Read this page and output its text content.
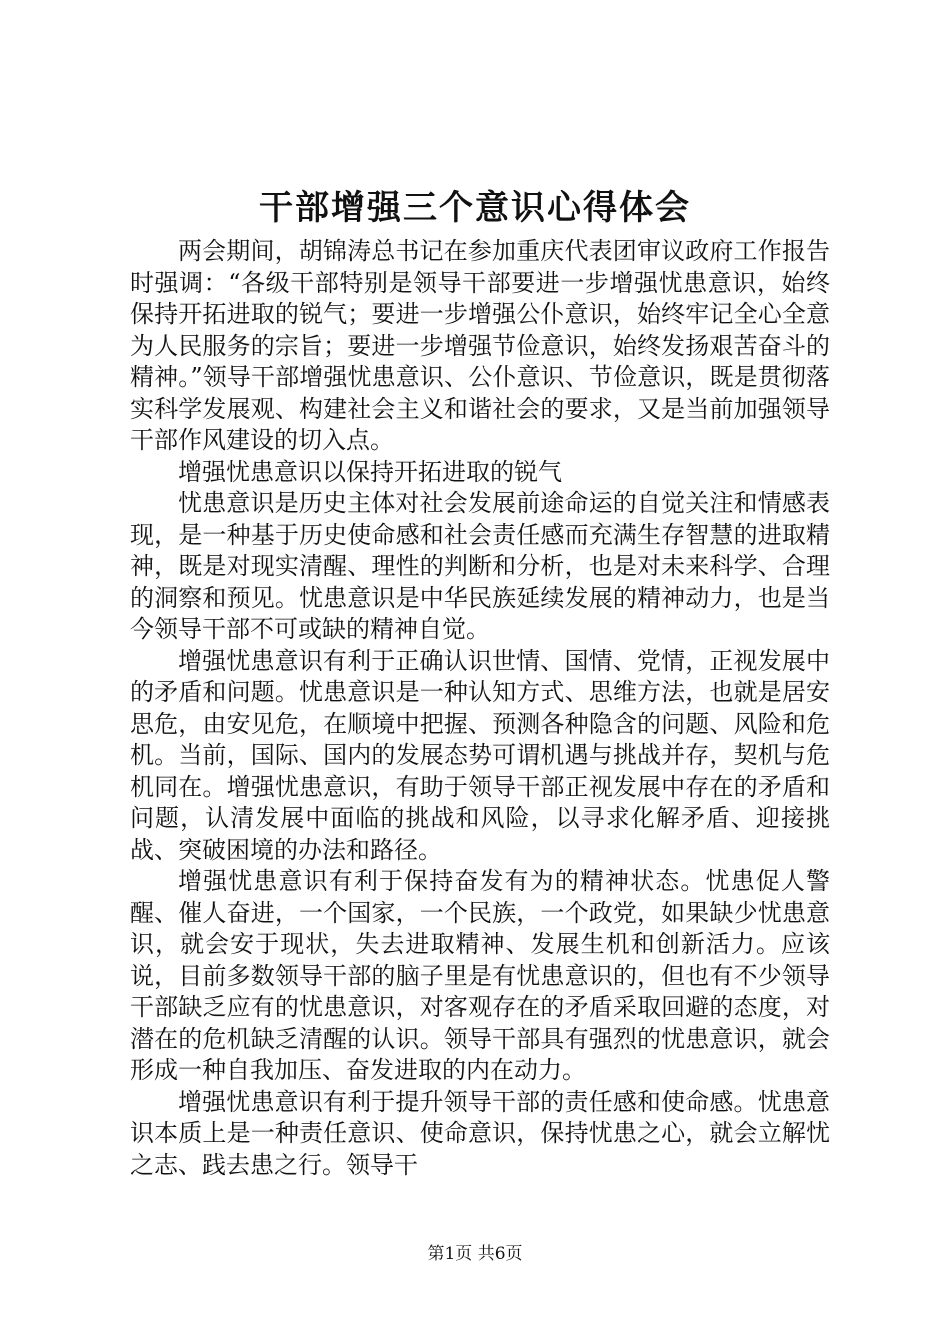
干部增强三个意识心得体会

两会期间，胡锦涛总书记在参加重庆代表团审议政府工作报告时强调：“各级干部特别是领导干部要进一步增强忧患意识，始终保持开拓进取的锐气；要进一步增强公仆意识，始终牢记全心全意为人民服务的宗旨；要进一步增强节俭意识，始终发扬艰苦奋斗的精神。”领导干部增强忧患意识、公仆意识、节俭意识，既是贯彻落实科学发展观、构建社会主义和谐社会的要求，又是当前加强领导干部作风建设的切入点。

增强忧患意识以保持开拓进取的锐气

忧患意识是历史主体对社会发展前途命运的自觉关注和情感表现，是一种基于历史使命感和社会责任感而充满生存智慧的进取精神，既是对现实清醒、理性的判断和分析，也是对未来科学、合理的洞察和预见。忧患意识是中华民族延续发展的精神动力，也是当今领导干部不可或缺的精神自觉。

增强忧患意识有利于正确认识世情、国情、党情，正视发展中的矛盾和问题。忧患意识是一种认知方式、思维方法，也就是居安思危，由安见危，在顺境中把握、预测各种隐含的问题、风险和危机。当前，国际、国内的发展态势可谓机遇与挑战并存，契机与危机同在。增强忧患意识，有助于领导干部正视发展中存在的矛盾和问题，认清发展中面临的挑战和风险，以寻求化解矛盾、迎接挑战、突破困境的办法和路径。

增强忧患意识有利于保持奋发有为的精神状态。忧患促人警醒、催人奋进，一个国家，一个民族，一个政党，如果缺少忧患意识，就会安于现状，失去进取精神、发展生机和创新活力。应该说，目前多数领导干部的脑子里是有忧患意识的，但也有不少领导干部缺乏应有的忧患意识，对客观存在的矛盾采取回避的态度，对潜在的危机缺乏清醒的认识。领导干部具有强烈的忧患意识，就会形成一种自我加压、奋发进取的内在动力。

增强忧患意识有利于提升领导干部的责任感和使命感。忧患意识本质上是一种责任意识、使命意识，保持忧患之心，就会立解忧之志、践去患之行。领导干

第1页 共6页
